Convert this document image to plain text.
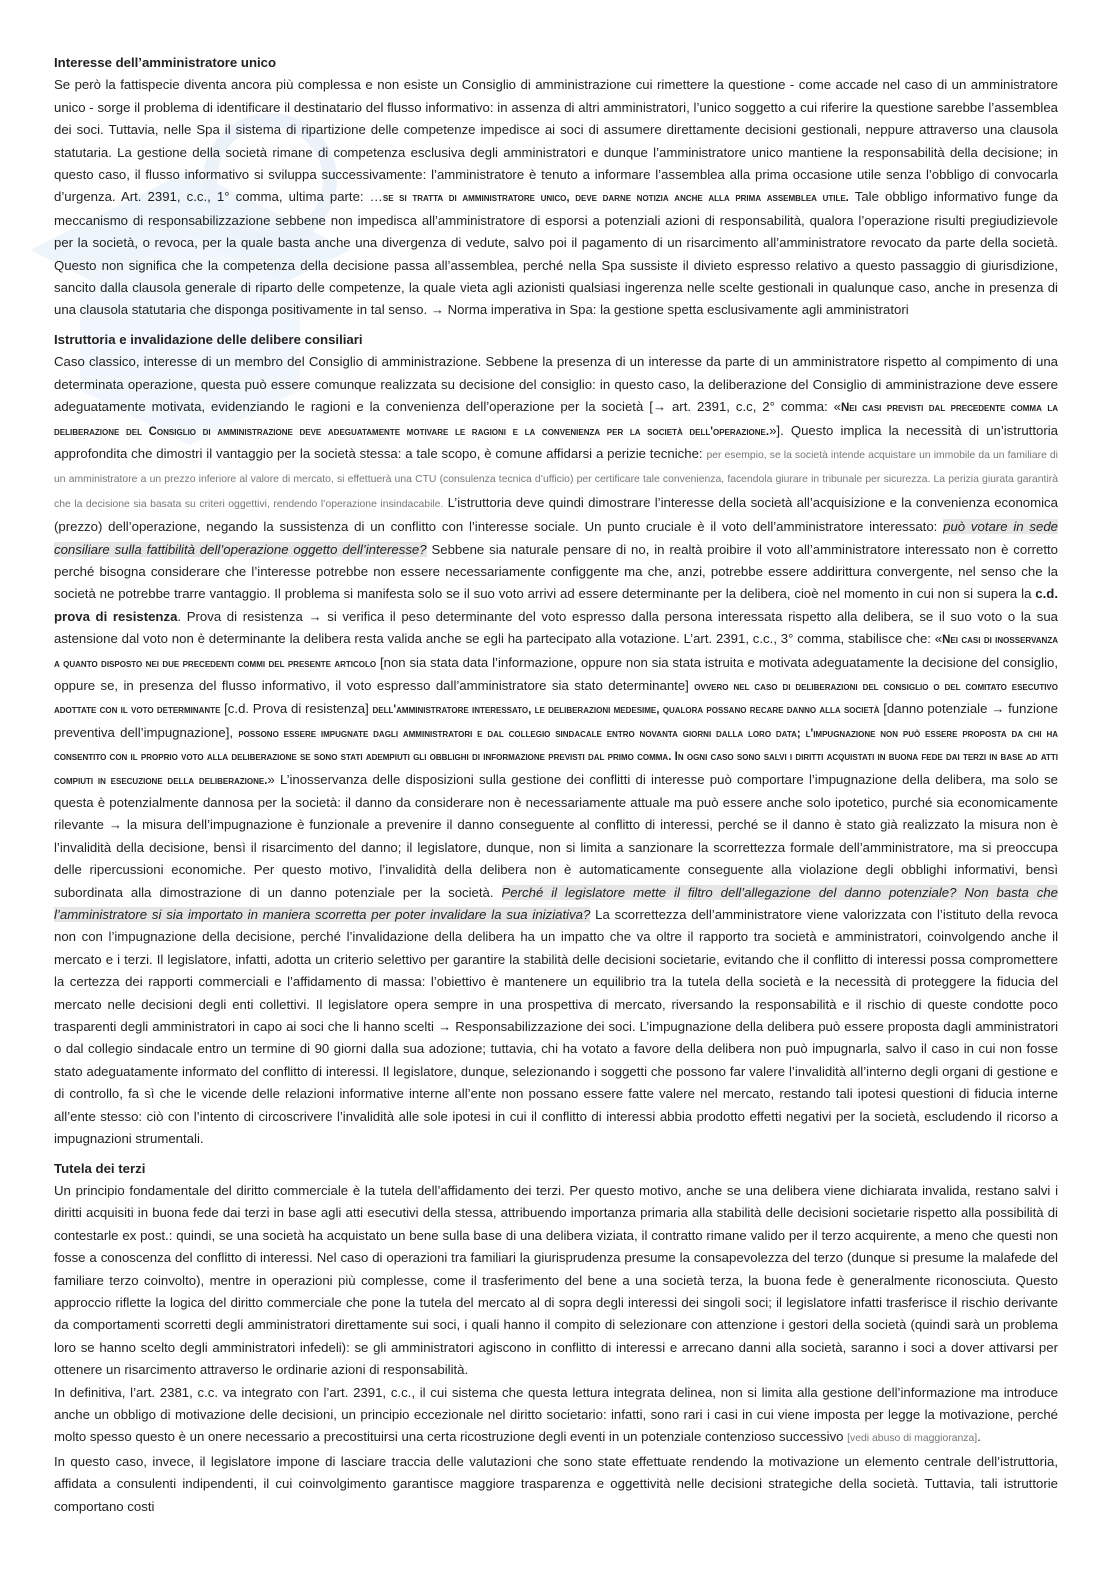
Interesse dell’amministratore unico

Se però la fattispecie diventa ancora più complessa e non esiste un Consiglio di amministrazione cui rimettere la questione - come accade nel caso di un amministratore unico - sorge il problema di identificare il destinatario del flusso informativo: in assenza di altri amministratori, l’unico soggetto a cui riferire la questione sarebbe l’assemblea dei soci. Tuttavia, nelle Spa il sistema di ripartizione delle competenze impedisce ai soci di assumere direttamente decisioni gestionali, neppure attraverso una clausola statutaria. La gestione della società rimane di competenza esclusiva degli amministratori e dunque l’amministratore unico mantiene la responsabilità della decisione; in questo caso, il flusso informativo si sviluppa successivamente: l’amministratore è tenuto a informare l’assemblea alla prima occasione utile senza l’obbligo di convocarla d’urgenza. Art. 2391, c.c., 1° comma, ultima parte: …se si tratta di amministratore unico, deve darne notizia anche alla prima assemblea utile. Tale obbligo informativo funge da meccanismo di responsabilizzazione sebbene non impedisca all’amministratore di esporsi a potenziali azioni di responsabilità, qualora l’operazione risulti pregiudizievole per la società, o revoca, per la quale basta anche una divergenza di vedute, salvo poi il pagamento di un risarcimento all’amministratore revocato da parte della società. Questo non significa che la competenza della decisione passa all’assemblea, perché nella Spa sussiste il divieto espresso relativo a questo passaggio di giurisdizione, sancito dalla clausola generale di riparto delle competenze, la quale vieta agli azionisti qualsiasi ingerenza nelle scelte gestionali in qualunque caso, anche in presenza di una clausola statutaria che disponga positivamente in tal senso. → Norma imperativa in Spa: la gestione spetta esclusivamente agli amministratori

Istruttoria e invalidazione delle delibere consiliari

Caso classico, interesse di un membro del Consiglio di amministrazione. Sebbene la presenza di un interesse da parte di un amministratore rispetto al compimento di una determinata operazione, questa può essere comunque realizzata su decisione del consiglio: in questo caso, la deliberazione del Consiglio di amministrazione deve essere adeguatamente motivata, evidenziando le ragioni e la convenienza dell’operazione per la società [→ art. 2391, c.c, 2° comma: «Nei casi previsti dal precedente comma la deliberazione del Consiglio di amministrazione deve adeguatamente motivare le ragioni e la convenienza per la società dell'operazione.»]. Questo implica la necessità di un’istruttoria approfondita che dimostri il vantaggio per la società stessa: a tale scopo, è comune affidarsi a perizie tecniche: per esempio, se la società intende acquistare un immobile da un familiare di un amministratore a un prezzo inferiore al valore di mercato, si effettuerà una CTU (consulenza tecnica d’ufficio) per certificare tale convenienza, facendola giurare in tribunale per sicurezza. La perizia giurata garantirà che la decisione sia basata su criteri oggettivi, rendendo l’operazione insindacabile. L’istruttoria deve quindi dimostrare l’interesse della società all’acquisizione e la convenienza economica (prezzo) dell’operazione, negando la sussistenza di un conflitto con l’interesse sociale. Un punto cruciale è il voto dell’amministratore interessato: può votare in sede consiliare sulla fattibilità dell’operazione oggetto dell’interesse? Sebbene sia naturale pensare di no, in realtà proibire il voto all’amministratore interessato non è corretto perché bisogna considerare che l’interesse potrebbe non essere necessariamente configgente ma che, anzi, potrebbe essere addirittura convergente, nel senso che la società ne potrebbe trarre vantaggio. Il problema si manifesta solo se il suo voto arrivi ad essere determinante per la delibera, cioè nel momento in cui non si supera la c.d. prova di resistenza. Prova di resistenza → si verifica il peso determinante del voto espresso dalla persona interessata rispetto alla delibera, se il suo voto o la sua astensione dal voto non è determinante la delibera resta valida anche se egli ha partecipato alla votazione. L’art. 2391, c.c., 3° comma, stabilisce che: «Nei casi di inosservanza a quanto disposto nei due precedenti commi del presente articolo [non sia stata data l’informazione, oppure non sia stata istruita e motivata adeguatamente la decisione del consiglio, oppure se, in presenza del flusso informativo, il voto espresso dall’amministratore sia stato determinante] ovvero nel caso di deliberazioni del consiglio o del comitato esecutivo adottate con il voto determinante [c.d. Prova di resistenza] dell'amministratore interessato, le deliberazioni medesime, qualora possano recare danno alla società [danno potenziale → funzione preventiva dell’impugnazione], possono essere impugnate dagli amministratori e dal collegio sindacale entro novanta giorni dalla loro data; l'impugnazione non può essere proposta da chi ha consentito con il proprio voto alla deliberazione se sono stati adempiuti gli obblighi di informazione previsti dal primo comma. In ogni caso sono salvi i diritti acquistati in buona fede dai terzi in base ad atti compiuti in esecuzione della deliberazione.» L’inosservanza delle disposizioni sulla gestione dei conflitti di interesse può comportare l’impugnazione della delibera, ma solo se questa è potenzialmente dannosa per la società: il danno da considerare non è necessariamente attuale ma può essere anche solo ipotetico, purché sia economicamente rilevante → la misura dell’impugnazione è funzionale a prevenire il danno conseguente al conflitto di interessi, perché se il danno è stato già realizzato la misura non è l’invalidità della decisione, bensì il risarcimento del danno; il legislatore, dunque, non si limita a sanzionare la scorrettezza formale dell’amministratore, ma si preoccupa delle ripercussioni economiche. Per questo motivo, l’invalidità della delibera non è automaticamente conseguente alla violazione degli obblighi informativi, bensì subordinata alla dimostrazione di un danno potenziale per la società. Perché il legislatore mette il filtro dell’allegazione del danno potenziale? Non basta che l’amministratore si sia importato in maniera scorretta per poter invalidare la sua iniziativa? La scorrettezza dell’amministratore viene valorizzata con l’istituto della revoca non con l’impugnazione della decisione, perché l’invalidazione della delibera ha un impatto che va oltre il rapporto tra società e amministratori, coinvolgendo anche il mercato e i terzi. Il legislatore, infatti, adotta un criterio selettivo per garantire la stabilità delle decisioni societarie, evitando che il conflitto di interessi possa compromettere la certezza dei rapporti commerciali e l’affidamento di massa: l’obiettivo è mantenere un equilibrio tra la tutela della società e la necessità di proteggere la fiducia del mercato nelle decisioni degli enti collettivi. Il legislatore opera sempre in una prospettiva di mercato, riversando la responsabilità e il rischio di queste condotte poco trasparenti degli amministratori in capo ai soci che li hanno scelti → Responsabilizzazione dei soci. L’impugnazione della delibera può essere proposta dagli amministratori o dal collegio sindacale entro un termine di 90 giorni dalla sua adozione; tuttavia, chi ha votato a favore della delibera non può impugnarla, salvo il caso in cui non fosse stato adeguatamente informato del conflitto di interessi. Il legislatore, dunque, selezionando i soggetti che possono far valere l’invalidità all’interno degli organi di gestione e di controllo, fa sì che le vicende delle relazioni informative interne all’ente non possano essere fatte valere nel mercato, restando tali ipotesi questioni di fiducia interne all’ente stesso: ciò con l’intento di circoscrivere l’invalidità alle sole ipotesi in cui il conflitto di interessi abbia prodotto effetti negativi per la società, escludendo il ricorso a impugnazioni strumentali.

Tutela dei terzi

Un principio fondamentale del diritto commerciale è la tutela dell’affidamento dei terzi. Per questo motivo, anche se una delibera viene dichiarata invalida, restano salvi i diritti acquisiti in buona fede dai terzi in base agli atti esecutivi della stessa, attribuendo importanza primaria alla stabilità delle decisioni societarie rispetto alla possibilità di contestarle ex post.: quindi, se una società ha acquistato un bene sulla base di una delibera viziata, il contratto rimane valido per il terzo acquirente, a meno che questi non fosse a conoscenza del conflitto di interessi. Nel caso di operazioni tra familiari la giurisprudenza presume la consapevolezza del terzo (dunque si presume la malafede del familiare terzo coinvolto), mentre in operazioni più complesse, come il trasferimento del bene a una società terza, la buona fede è generalmente riconosciuta. Questo approccio riflette la logica del diritto commerciale che pone la tutela del mercato al di sopra degli interessi dei singoli soci; il legislatore infatti trasferisce il rischio derivante da comportamenti scorretti degli amministratori direttamente sui soci, i quali hanno il compito di selezionare con attenzione i gestori della società (quindi sarà un problema loro se hanno scelto degli amministratori infedeli): se gli amministratori agiscono in conflitto di interessi e arrecano danni alla società, saranno i soci a dover attivarsi per ottenere un risarcimento attraverso le ordinarie azioni di responsabilità.

In definitiva, l’art. 2381, c.c. va integrato con l’art. 2391, c.c., il cui sistema che questa lettura integrata delinea, non si limita alla gestione dell’informazione ma introduce anche un obbligo di motivazione delle decisioni, un principio eccezionale nel diritto societario: infatti, sono rari i casi in cui viene imposta per legge la motivazione, perché molto spesso questo è un onere necessario a precostituirsi una certa ricostruzione degli eventi in un potenziale contenzioso successivo [vedi abuso di maggioranza].

In questo caso, invece, il legislatore impone di lasciare traccia delle valutazioni che sono state effettuate rendendo la motivazione un elemento centrale dell’istruttoria, affidata a consulenti indipendenti, il cui coinvolgimento garantisce maggiore trasparenza e oggettività nelle decisioni strategiche della società. Tuttavia, tali istruttorie comportano costi
